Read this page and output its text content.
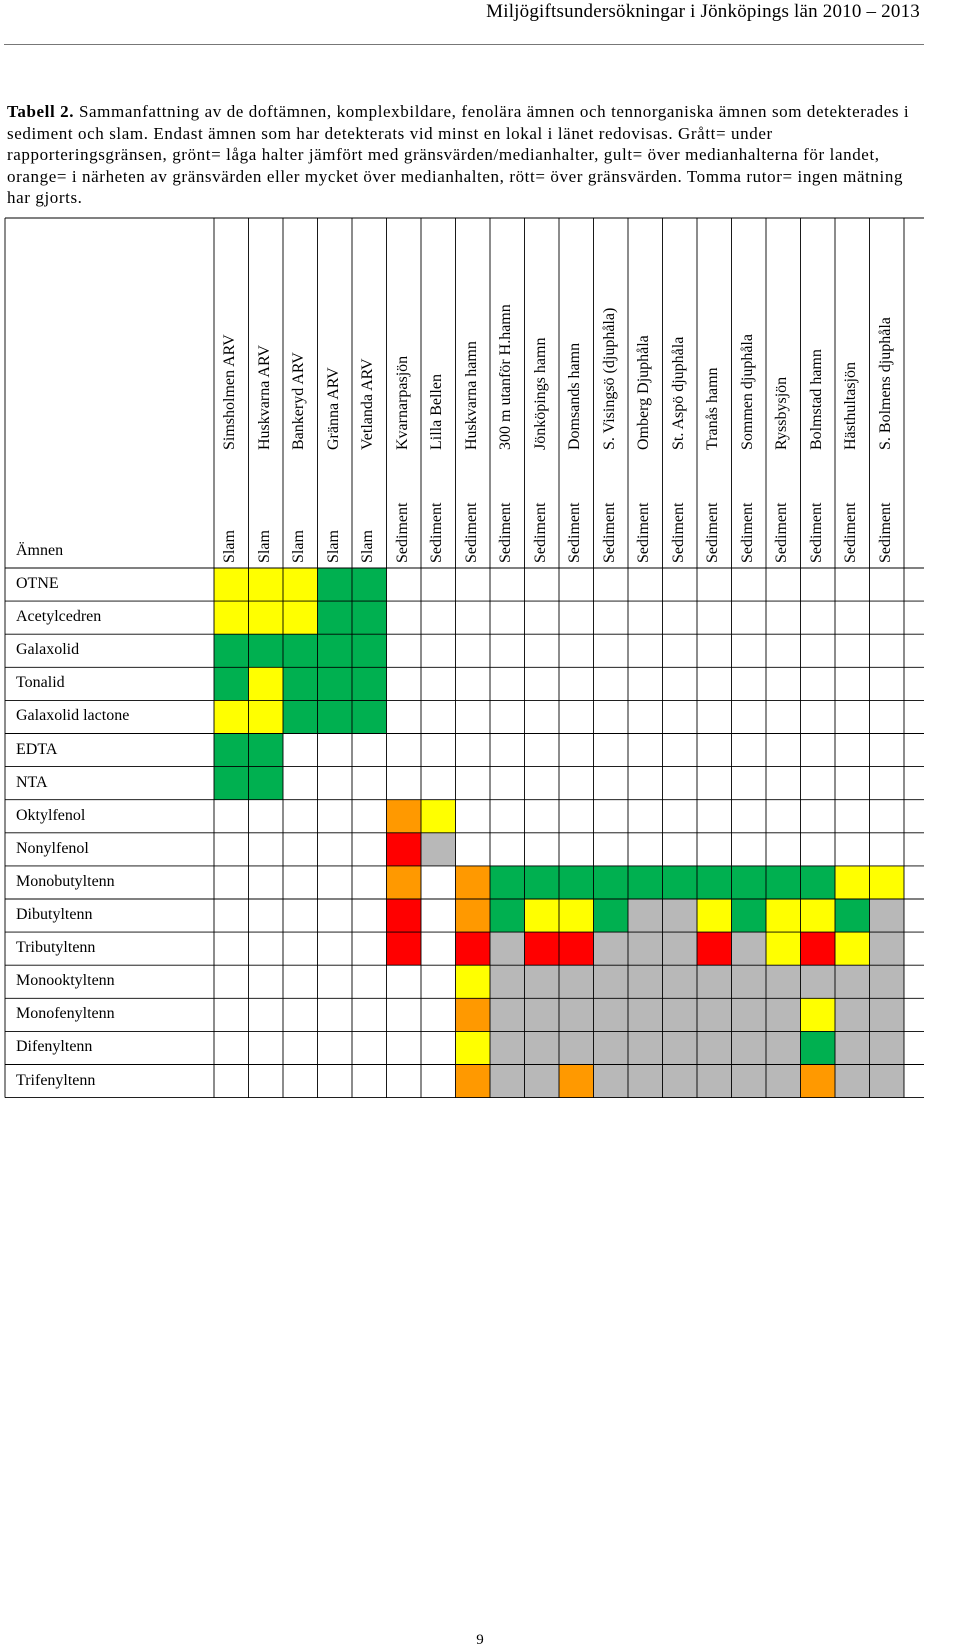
Miljögiftsundersökningar i Jönköpings län 2010 – 2013
Tabell 2. Sammanfattning av de doftämnen, komplexbildare, fenolära ämnen och tennorganiska ämnen som detekterades i sediment och slam. Endast ämnen som har detekterats vid minst en lokal i länet redovisas. Grått= under rapporteringsgränsen, grönt= låga halter jämfört med gränsvärden/medianhalter, gult= över medianhalterna för landet, orange= i närheten av gränsvärden eller mycket över medianhalten, rött= över gränsvärden. Tomma rutor= ingen mätning har gjorts.
Ämnen
Simsholmen ARV Huskvarna ARV Bankeryd ARV Gränna ARV Vetlanda ARV Kvarnarpasjön Lilla Bellen Huskvarna hamn 300 m utanför H.hamn Jönköpings hamn Domsands hamn S. Visingsö (djuphåla) Omberg Djuphåla St. Aspö djuphåla Tranås hamn Sommen djuphåla Ryssbysjön Bolmstad hamn Hästhultasjön S. Bolmens djuphåla
Slam Slam Slam Slam Slam Sediment Sediment Sediment Sediment Sediment Sediment Sediment Sediment Sediment Sediment Sediment Sediment Sediment Sediment Sediment
OTNE
Acetylcedren
Galaxolid
Tonalid
Galaxolid lactone
EDTA
NTA
Oktylfenol
Nonylfenol
Monobutyltenn
Dibutyltenn
Tributyltenn
Monooktyltenn
Monofenyltenn
Difenyltenn
Trifenyltenn
9
